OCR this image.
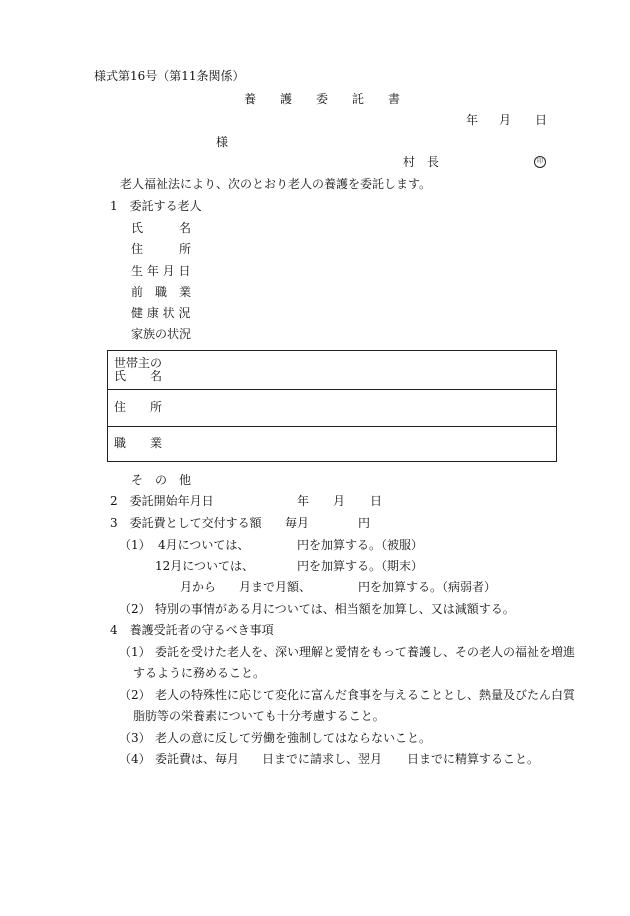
様式第16号（第11条関係）
養　　護　　委　　託　　書
年 月 日
様
村　長	印
老人福祉法により、次のとおり老人の養護を委託します。
1　委託する老人
氏　　　名
住　　　所
生 年 月 日
前　職　業
健 康 状 況
家族の状況
世帯主の
氏　　名
住　　所
職　　業
そ　の　他
2　委託開始年月日	年 月 日
3　委託費として交付する額 毎月	円
（1） 4月については、	円を加算する。（被服）
12月については、	円を加算する。（期末）
月から 月まで月額、	円を加算する。（病弱者）
（2） 特別の事情がある月については、相当額を加算し、又は減額する。
4　養護受託者の守るべき事項
（1） 委託を受けた老人を、深い理解と愛情をもって養護し、その老人の福祉を増進
するように務めること。
（2） 老人の特殊性に応じて変化に富んだ食事を与えることとし、熱量及びたん白質
脂肪等の栄養素についても十分考慮すること。
（3） 老人の意に反して労働を強制してはならないこと。
（4） 委託費は、毎月 日までに請求し、翌月 日までに精算すること。
